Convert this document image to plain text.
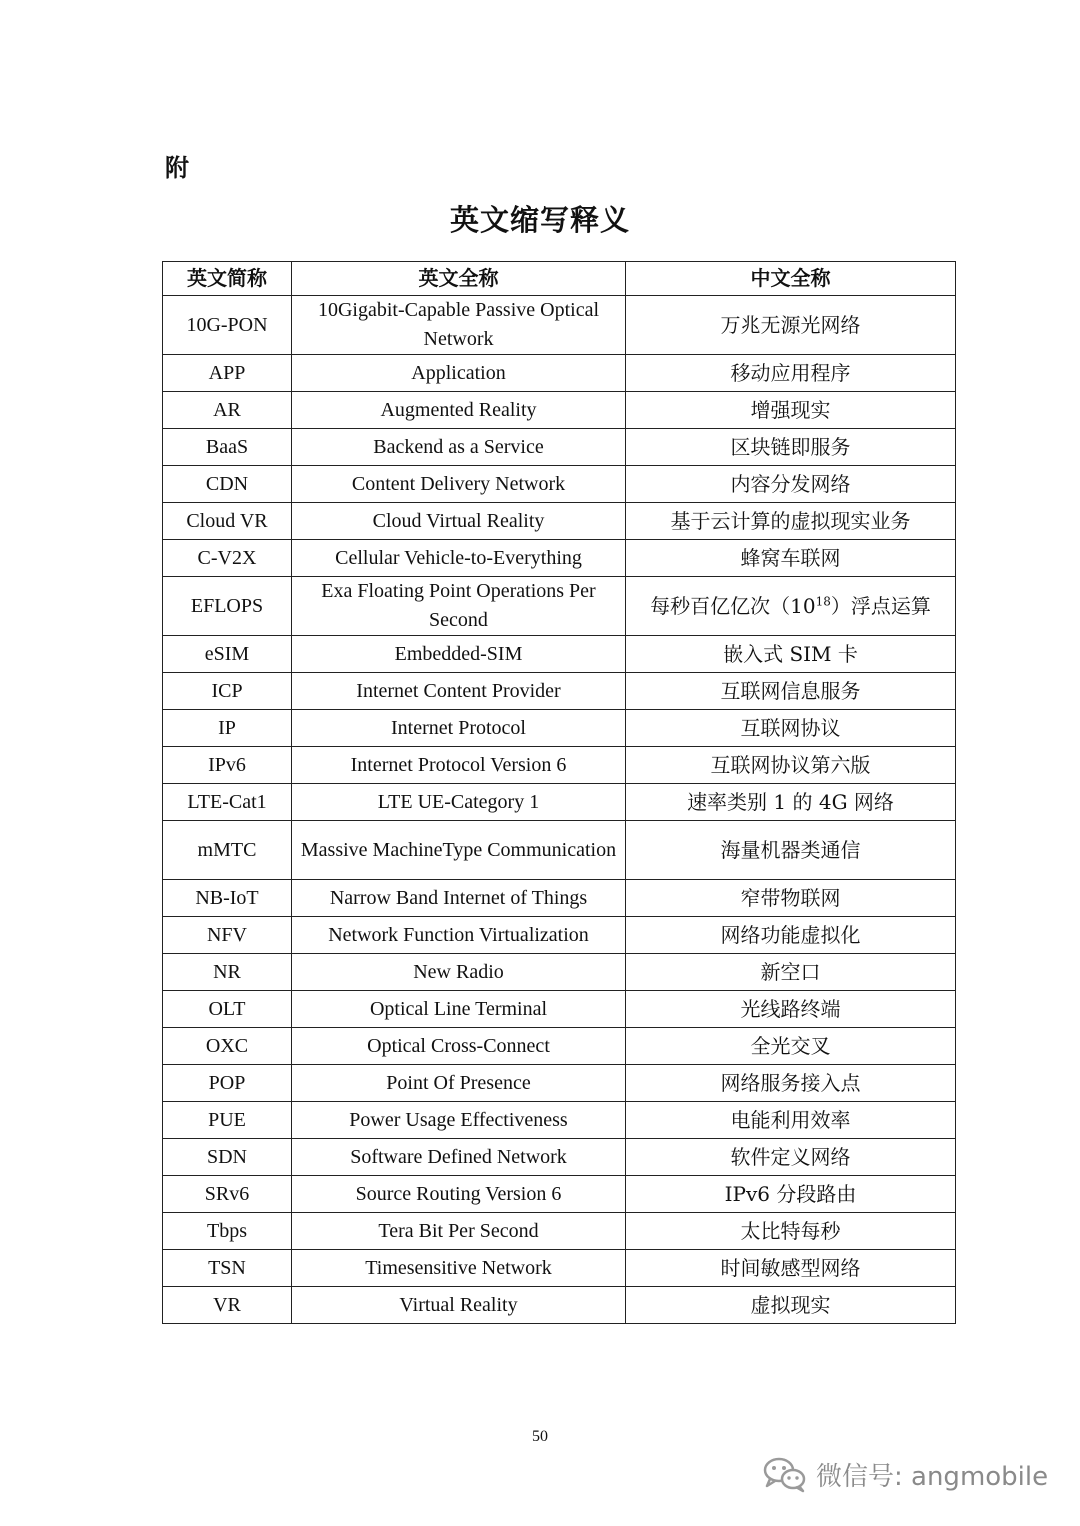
附
英文缩写释义
英文简称	英文全称	中文全称
10G-PON	10Gigabit-Capable Passive Optical Network	万兆无源光网络
APP	Application	移动应用程序
AR	Augmented Reality	增强现实
BaaS	Backend as a Service	区块链即服务
CDN	Content Delivery Network	内容分发网络
Cloud VR	Cloud Virtual Reality	基于云计算的虚拟现实业务
C-V2X	Cellular Vehicle-to-Everything	蜂窝车联网
EFLOPS	Exa Floating Point Operations Per Second	每秒百亿亿次$(10^{18})$浮点运算
eSIM	Embedded-SIM	嵌入式 SIM 卡
ICP	Internet Content Provider	互联网信息服务
IP	Internet Protocol	互联网协议
IPv6	Internet Protocol Version 6	互联网协议第六版
LTE-Cat1	LTE UE-Category 1	速率类别 1 的 4G 网络
mMTC	Massive MachineType Communication	海量机器类通信
NB-IoT	Narrow Band Internet of Things	窄带物联网
NFV	Network Function Virtualization	网络功能虚拟化
NR	New Radio	新空口
OLT	Optical Line Terminal	光线路终端
OXC	Optical Cross-Connect	全光交叉
POP	Point Of Presence	网络服务接入点
PUE	Power Usage Effectiveness	电能利用效率
SDN	Software Defined Network	软件定义网络
SRv6	Source Routing Version 6	IPv6 分段路由
Tbps	Tera Bit Per Second	太比特每秒
TSN	Timesensitive Network	时间敏感型网络
VR	Virtual Reality	虚拟现实
50
微信号: angmobile
